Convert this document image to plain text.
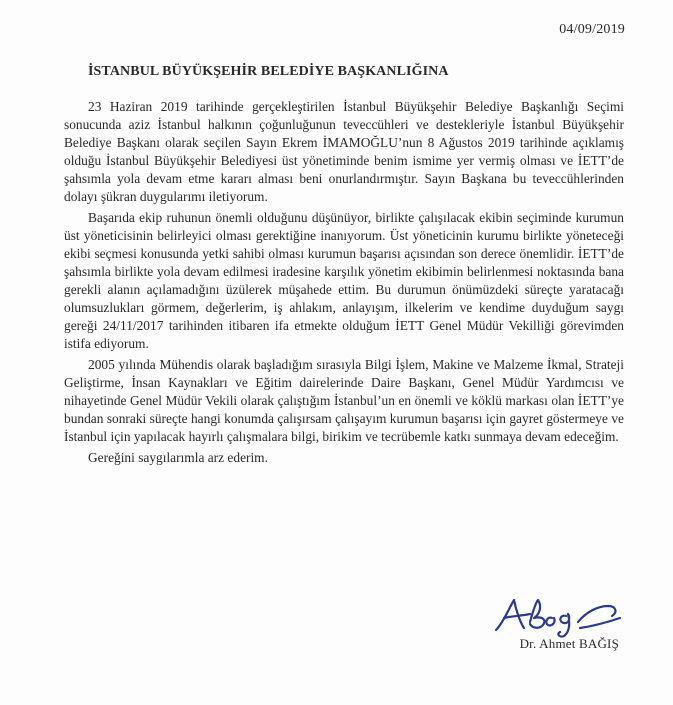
04/09/2019
İSTANBUL BÜYÜKŞEHİR BELEDİYE BAŞKANLIĞINA

23 Haziran 2019 tarihinde gerçekleştirilen İstanbul Büyükşehir Belediye Başkanlığı Seçimi sonucunda aziz İstanbul halkının çoğunluğunun teveccühleri ve destekleriyle İstanbul Büyükşehir Belediye Başkanı olarak seçilen Sayın Ekrem İMAMOĞLU’nun 8 Ağustos 2019 tarihinde açıklamış olduğu İstanbul Büyükşehir Belediyesi üst yönetiminde benim ismime yer vermiş olması ve İETT’de şahsımla yola devam etme kararı alması beni onurlandırmıştır. Sayın Başkana bu teveccühlerinden dolayı şükran duygularımı iletiyorum.

Başarıda ekip ruhunun önemli olduğunu düşünüyor, birlikte çalışılacak ekibin seçiminde kurumun üst yöneticisinin belirleyici olması gerektiğine inanıyorum. Üst yöneticinin kurumu birlikte yöneteceği ekibi seçmesi konusunda yetki sahibi olması kurumun başarısı açısından son derece önemlidir. İETT’de şahsımla birlikte yola devam edilmesi iradesine karşılık yönetim ekibimin belirlenmesi noktasında bana gerekli alanın açılamadığını üzülerek müşahede ettim. Bu durumun önümüzdeki süreçte yaratacağı olumsuzlukları görmem, değerlerim, iş ahlakım, anlayışım, ilkelerim ve kendime duyduğum saygı gereği 24/11/2017 tarihinden itibaren ifa etmekte olduğum İETT Genel Müdür Vekilliği görevimden istifa ediyorum.

2005 yılında Mühendis olarak başladığım sırasıyla Bilgi İşlem, Makine ve Malzeme İkmal, Strateji Geliştirme, İnsan Kaynakları ve Eğitim dairelerinde Daire Başkanı, Genel Müdür Yardımcısı ve nihayetinde Genel Müdür Vekili olarak çalıştığım İstanbul’un en önemli ve köklü markası olan İETT’ye bundan sonraki süreçte hangi konumda çalışırsam çalışayım kurumun başarısı için gayret göstermeye ve İstanbul için yapılacak hayırlı çalışmalara bilgi, birikim ve tecrübemle katkı sunmaya devam edeceğim.

Gereğini saygılarımla arz ederim.

Dr. Ahmet BAĞIŞ
